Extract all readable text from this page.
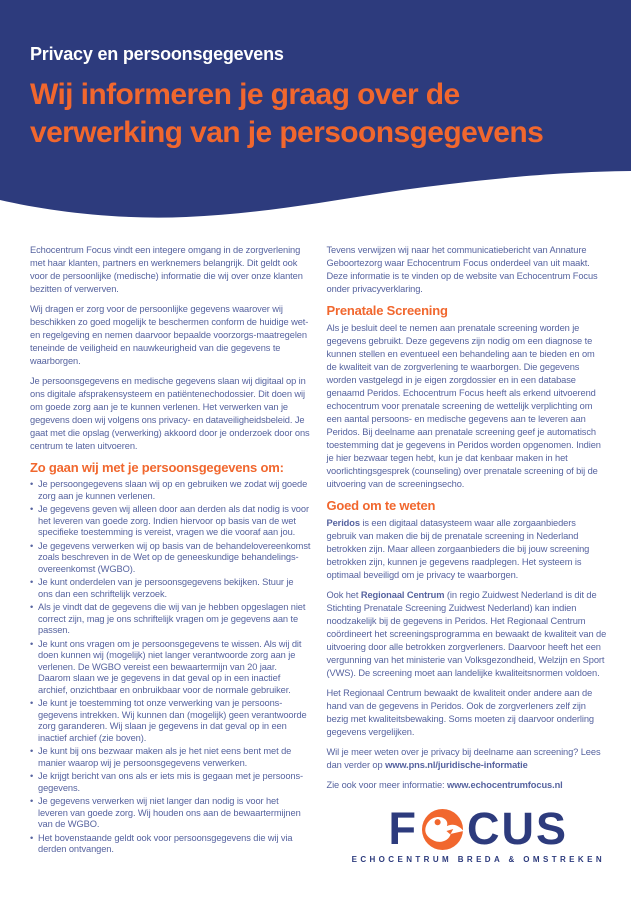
Privacy en persoonsgegevens
Wij informeren je graag over de
verwerking van je persoonsgegevens

Echocentrum Focus vindt een integere omgang in de zorgverlening met haar klanten, partners en werknemers belangrijk. Dit geldt ook voor de persoonlijke (medische) informatie die wij over onze klanten bezitten of verwerven.

Wij dragen er zorg voor de persoonlijke gegevens waarover wij beschikken zo goed mogelijk te beschermen conform de huidige wet- en regelgeving en nemen daarvoor bepaalde voorzorgs-maatregelen teneinde de veiligheid en nauwkeurigheid van die gegevens te waarborgen.

Je persoonsgegevens en medische gegevens slaan wij digitaal op in ons digitale afsprakensysteem en patiëntenechodossier. Dit doen wij om goede zorg aan je te kunnen verlenen. Het verwerken van je gegevens doen wij volgens ons privacy- en dataveiligheidsbeleid. Je gaat met die opslag (verwerking) akkoord door je onderzoek door ons centrum te laten uitvoeren.

Zo gaan wij met je persoonsgegevens om:
• Je persoongegevens slaan wij op en gebruiken we zodat wij goede zorg aan je kunnen verlenen.
• Je gegevens geven wij alleen door aan derden als dat nodig is voor het leveren van goede zorg. Indien hiervoor op basis van de wet specifieke toestemming is vereist, vragen we die vooraf aan jou.
• Je gegevens verwerken wij op basis van de behandelovereenkomst zoals beschreven in de Wet op de geneeskundige behandelings-overeenkomst (WGBO).
• Je kunt onderdelen van je persoonsgegevens bekijken. Stuur je ons dan een schriftelijk verzoek.
• Als je vindt dat de gegevens die wij van je hebben opgeslagen niet correct zijn, mag je ons schriftelijk vragen om je gegevens aan te passen.
• Je kunt ons vragen om je persoonsgegevens te wissen. Als wij dit doen kunnen wij (mogelijk) niet langer verantwoorde zorg aan je verlenen. De WGBO vereist een bewaartermijn van 20 jaar. Daarom slaan we je gegevens in dat geval op in een inactief archief, onzichtbaar en onbruikbaar voor de normale gebruiker.
• Je kunt je toestemming tot onze verwerking van je persoons-gegevens intrekken. Wij kunnen dan (mogelijk) geen verantwoorde zorg garanderen. Wij slaan je gegevens in dat geval op in een inactief archief (zie boven).
• Je kunt bij ons bezwaar maken als je het niet eens bent met de manier waarop wij je persoonsgegevens verwerken.
• Je krijgt bericht van ons als er iets mis is gegaan met je persoons-gegevens.
• Je gegevens verwerken wij niet langer dan nodig is voor het leveren van goede zorg. Wij houden ons aan de bewaartermijnen van de WGBO.
• Het bovenstaande geldt ook voor persoonsgegevens die wij via derden ontvangen.

Tevens verwijzen wij naar het communicatiebericht van Annature Geboortezorg waar Echocentrum Focus onderdeel van uit maakt. Deze informatie is te vinden op de website van Echocentrum Focus onder privacyverklaring.

Prenatale Screening

Als je besluit deel te nemen aan prenatale screening worden je gegevens gebruikt. Deze gegevens zijn nodig om een diagnose te kunnen stellen en eventueel een behandeling aan te bieden en om de kwaliteit van de zorgverlening te waarborgen. Die gegevens worden vastgelegd in je eigen zorgdossier en in een database genaamd Peridos. Echocentrum Focus heeft als erkend uitvoerend echocentrum voor prenatale screening de wettelijk verplichting om een aantal persoons- en medische gegevens aan te leveren aan Peridos. Bij deelname aan prenatale screening geef je automatisch toestemming dat je gegevens in Peridos worden opgenomen. Indien je hier bezwaar tegen hebt, kun je dat kenbaar maken in het voorlichtingsgesprek (counseling) over prenatale screening of bij de uitvoering van de screeningsecho.

Goed om te weten

Peridos is een digitaal datasysteem waar alle zorgaanbieders gebruik van maken die bij de prenatale screening in Nederland betrokken zijn. Maar alleen zorgaanbieders die bij jouw screening betrokken zijn, kunnen je gegevens raadplegen. Het systeem is optimaal beveiligd om je privacy te waarborgen.

Ook het Regionaal Centrum (in regio Zuidwest Nederland is dit de Stichting Prenatale Screening Zuidwest Nederland) kan indien noodzakelijk bij de gegevens in Peridos. Het Regionaal Centrum coördineert het screeningsprogramma en bewaakt de kwaliteit van de uitvoering door alle betrokken zorgverleners. Daarvoor heeft het een vergunning van het ministerie van Volksgezondheid, Welzijn en Sport (VWS). De screening moet aan landelijke kwaliteitsnormen voldoen.

Het Regionaal Centrum bewaakt de kwaliteit onder andere aan de hand van de gegevens in Peridos. Ook de zorgverleners zelf zijn bezig met kwaliteitsbewaking. Soms moeten zij daarvoor onderling gegevens vergelijken.

Wil je meer weten over je privacy bij deelname aan screening? Lees dan verder op www.pns.nl/juridische-informatie

Zie ook voor meer informatie: www.echocentrumfocus.nl

F CUS
ECHOCENTRUM BREDA & OMSTREKEN
